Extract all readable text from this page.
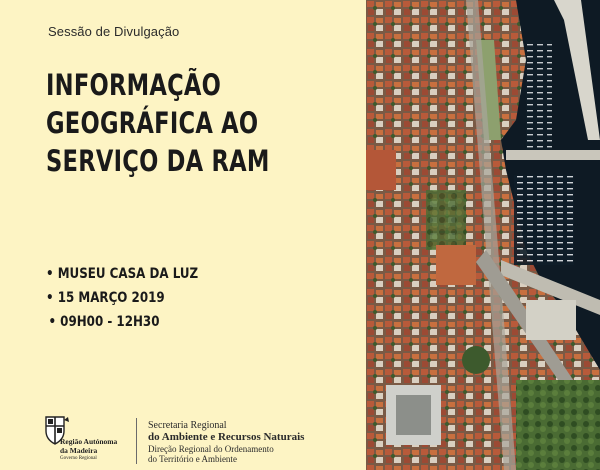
Sessão de Divulgação
INFORMAÇÃO
GEOGRÁFICA AO
SERVIÇO DA RAM
• MUSEU CASA DA LUZ
• 15 MARÇO 2019
• 09H00 - 12H30
Região Autónoma
da Madeira
Governo Regional
Secretaria Regional
do Ambiente e Recursos Naturais
Direção Regional do Ordenamento
do Território e Ambiente
